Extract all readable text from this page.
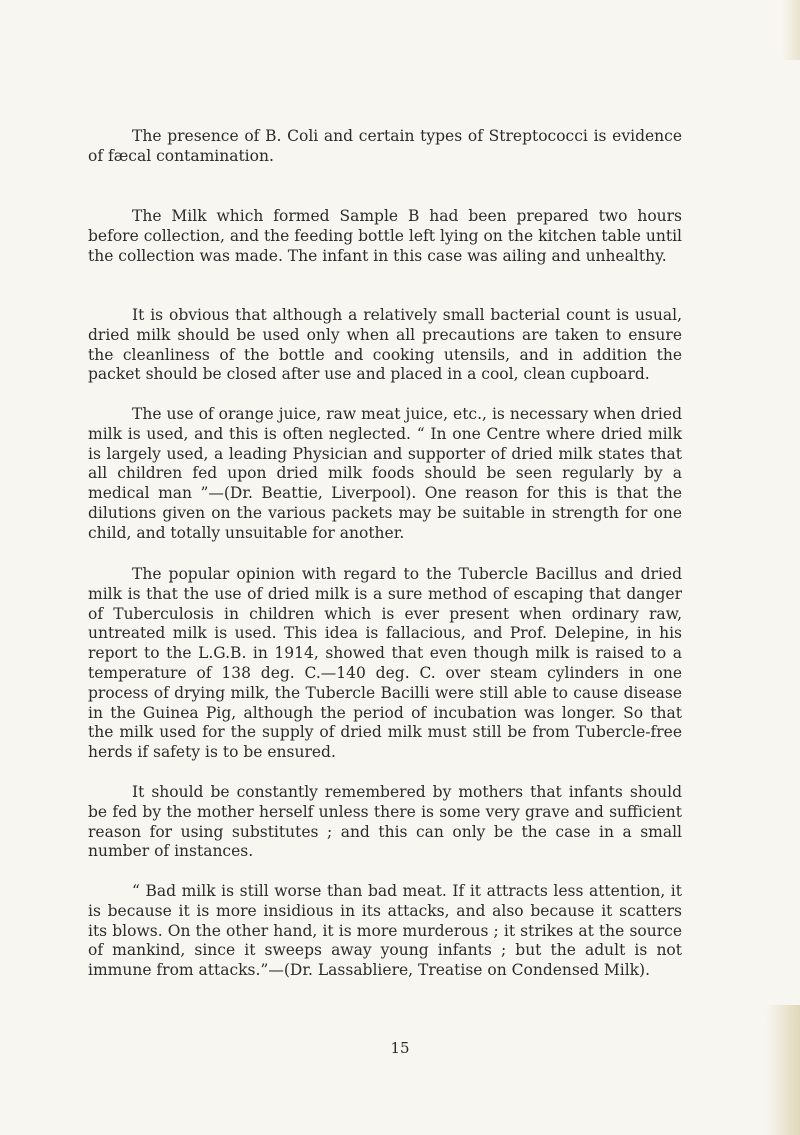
The presence of B. Coli and certain types of Streptococci is evidence of fæcal contamination.

The Milk which formed Sample B had been prepared two hours before collection, and the feeding bottle left lying on the kitchen table until the collection was made. The infant in this case was ailing and unhealthy.

It is obvious that although a relatively small bacterial count is usual, dried milk should be used only when all precautions are taken to ensure the cleanliness of the bottle and cooking utensils, and in addition the packet should be closed after use and placed in a cool, clean cupboard.

The use of orange juice, raw meat juice, etc., is necessary when dried milk is used, and this is often neglected. “ In one Centre where dried milk is largely used, a leading Physician and supporter of dried milk states that all children fed upon dried milk foods should be seen regularly by a medical man ”—(Dr. Beattie, Liverpool). One reason for this is that the dilutions given on the various packets may be suitable in strength for one child, and totally unsuitable for another.

The popular opinion with regard to the Tubercle Bacillus and dried milk is that the use of dried milk is a sure method of escaping that danger of Tuberculosis in children which is ever present when ordinary raw, untreated milk is used. This idea is fallacious, and Prof. Delepine, in his report to the L.G.B. in 1914, showed that even though milk is raised to a temperature of 138 deg. C.—140 deg. C. over steam cylinders in one process of drying milk, the Tubercle Bacilli were still able to cause disease in the Guinea Pig, although the period of incubation was longer. So that the milk used for the supply of dried milk must still be from Tubercle-free herds if safety is to be ensured.

It should be constantly remembered by mothers that infants should be fed by the mother herself unless there is some very grave and sufficient reason for using substitutes ; and this can only be the case in a small number of instances.

“ Bad milk is still worse than bad meat. If it attracts less attention, it is because it is more insidious in its attacks, and also because it scatters its blows. On the other hand, it is more murderous ; it strikes at the source of mankind, since it sweeps away young infants ; but the adult is not immune from attacks.”—(Dr. Lassabliere, Treatise on Condensed Milk).

15
